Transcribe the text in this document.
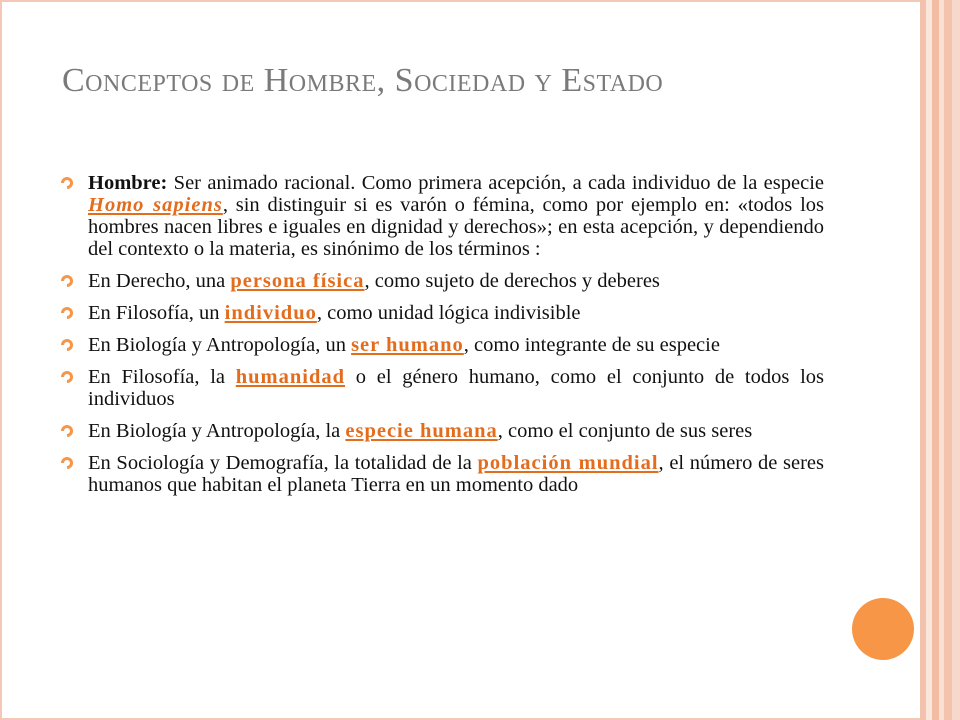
Conceptos de Hombre, Sociedad y Estado
Hombre: Ser animado racional. Como primera acepción, a cada individuo de la especie Homo sapiens, sin distinguir si es varón o fémina, como por ejemplo en: «todos los hombres nacen libres e iguales en dignidad y derechos»; en esta acepción, y dependiendo del contexto o la materia, es sinónimo de los términos :
En Derecho, una persona física, como sujeto de derechos y deberes
En Filosofía, un individuo, como unidad lógica indivisible
En Biología y Antropología, un ser humano, como integrante de su especie
En Filosofía, la humanidad o el género humano, como el conjunto de todos los individuos
En Biología y Antropología, la especie humana, como el conjunto de sus seres
En Sociología y Demografía, la totalidad de la población mundial, el número de seres humanos que habitan el planeta Tierra en un momento dado
